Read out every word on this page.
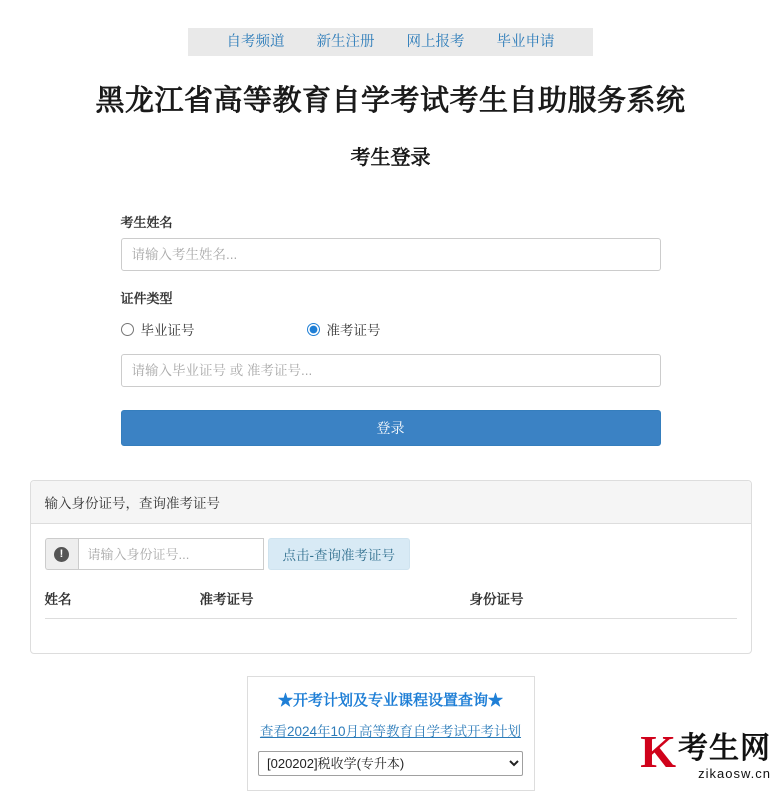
自考频道	新生注册	网上报考	毕业申请
黑龙江省高等教育自学考试考生自助服务系统
考生登录
考生姓名
请输入考生姓名...
证件类型
毕业证号	准考证号
请输入毕业证号 或 准考证号... 登录
输入身份证号，查询准考证号
!
请输入身份证号...	点击-查询准考证号
姓名	准考证号	身份证号

★开考计划及专业课程设置查询★
查看2024年10月高等教育自学考试开考计划
[020202]税收学(专升本)	K 考生网
zikaosw.cn
